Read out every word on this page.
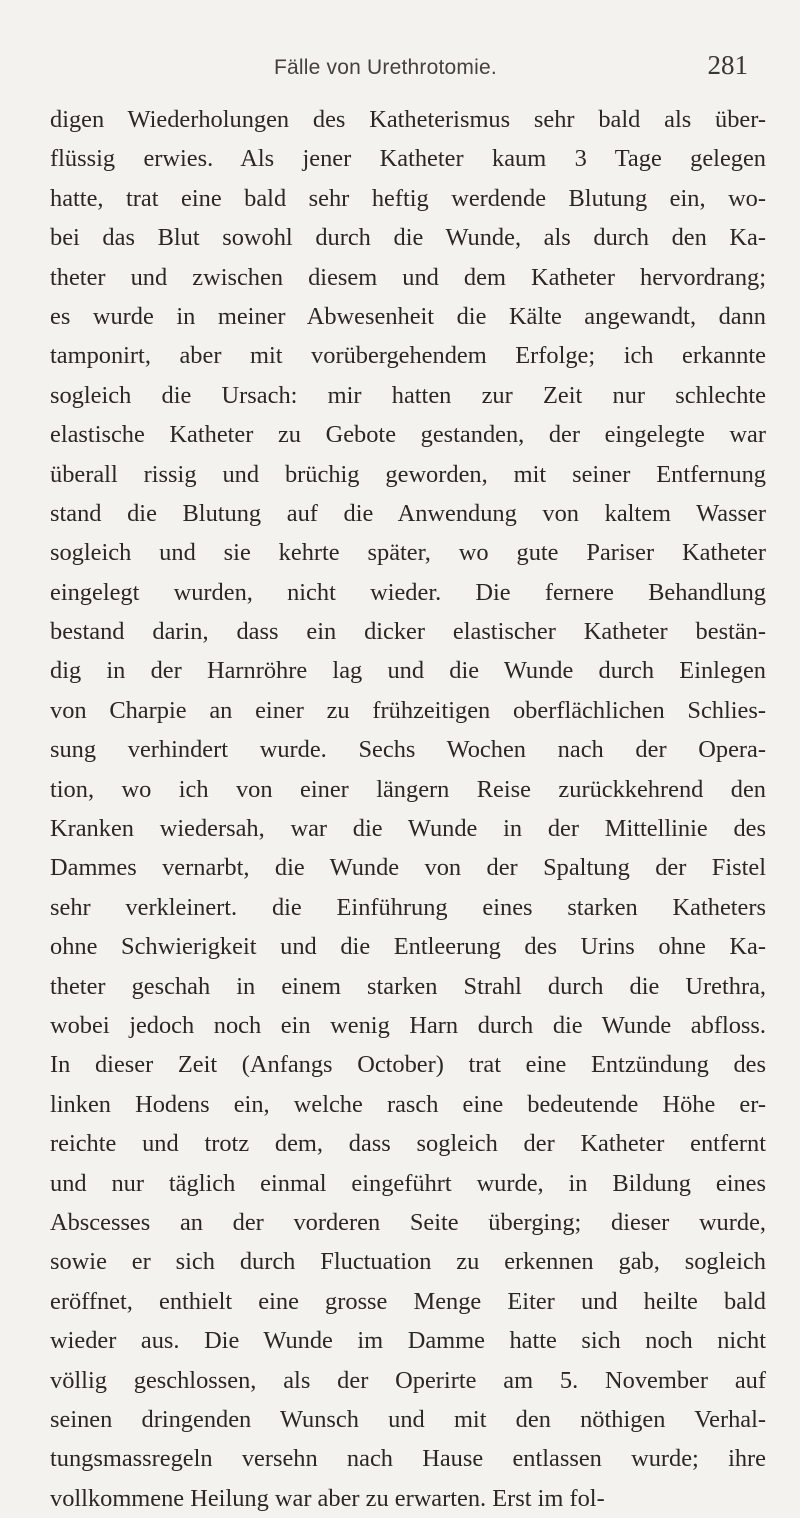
Fälle von Urethrotomie.	281
digen Wiederholungen des Katheterismus sehr bald als über-
flüssig erwies. Als jener Katheter kaum 3 Tage gelegen
hatte, trat eine bald sehr heftig werdende Blutung ein, wo-
bei das Blut sowohl durch die Wunde, als durch den Ka-
theter und zwischen diesem und dem Katheter hervordrang;
es wurde in meiner Abwesenheit die Kälte angewandt, dann
tamponirt, aber mit vorübergehendem Erfolge; ich erkannte
sogleich die Ursach: mir hatten zur Zeit nur schlechte
elastische Katheter zu Gebote gestanden, der eingelegte war
überall rissig und brüchig geworden, mit seiner Entfernung
stand die Blutung auf die Anwendung von kaltem Wasser
sogleich und sie kehrte später, wo gute Pariser Katheter
eingelegt wurden, nicht wieder. Die fernere Behandlung
bestand darin, dass ein dicker elastischer Katheter bestän-
dig in der Harnröhre lag und die Wunde durch Einlegen
von Charpie an einer zu frühzeitigen oberflächlichen Schlies-
sung verhindert wurde. Sechs Wochen nach der Opera-
tion, wo ich von einer längern Reise zurückkehrend den
Kranken wiedersah, war die Wunde in der Mittellinie des
Dammes vernarbt, die Wunde von der Spaltung der Fistel
sehr verkleinert. die Einführung eines starken Katheters
ohne Schwierigkeit und die Entleerung des Urins ohne Ka-
theter geschah in einem starken Strahl durch die Urethra,
wobei jedoch noch ein wenig Harn durch die Wunde abfloss.
In dieser Zeit (Anfangs October) trat eine Entzündung des
linken Hodens ein, welche rasch eine bedeutende Höhe er-
reichte und trotz dem, dass sogleich der Katheter entfernt
und nur täglich einmal eingeführt wurde, in Bildung eines
Abscesses an der vorderen Seite überging; dieser wurde,
sowie er sich durch Fluctuation zu erkennen gab, sogleich
eröffnet, enthielt eine grosse Menge Eiter und heilte bald
wieder aus. Die Wunde im Damme hatte sich noch nicht
völlig geschlossen, als der Operirte am 5. November auf
seinen dringenden Wunsch und mit den nöthigen Verhal-
tungsmassregeln versehn nach Hause entlassen wurde; ihre
vollkommene Heilung war aber zu erwarten. Erst im fol-
